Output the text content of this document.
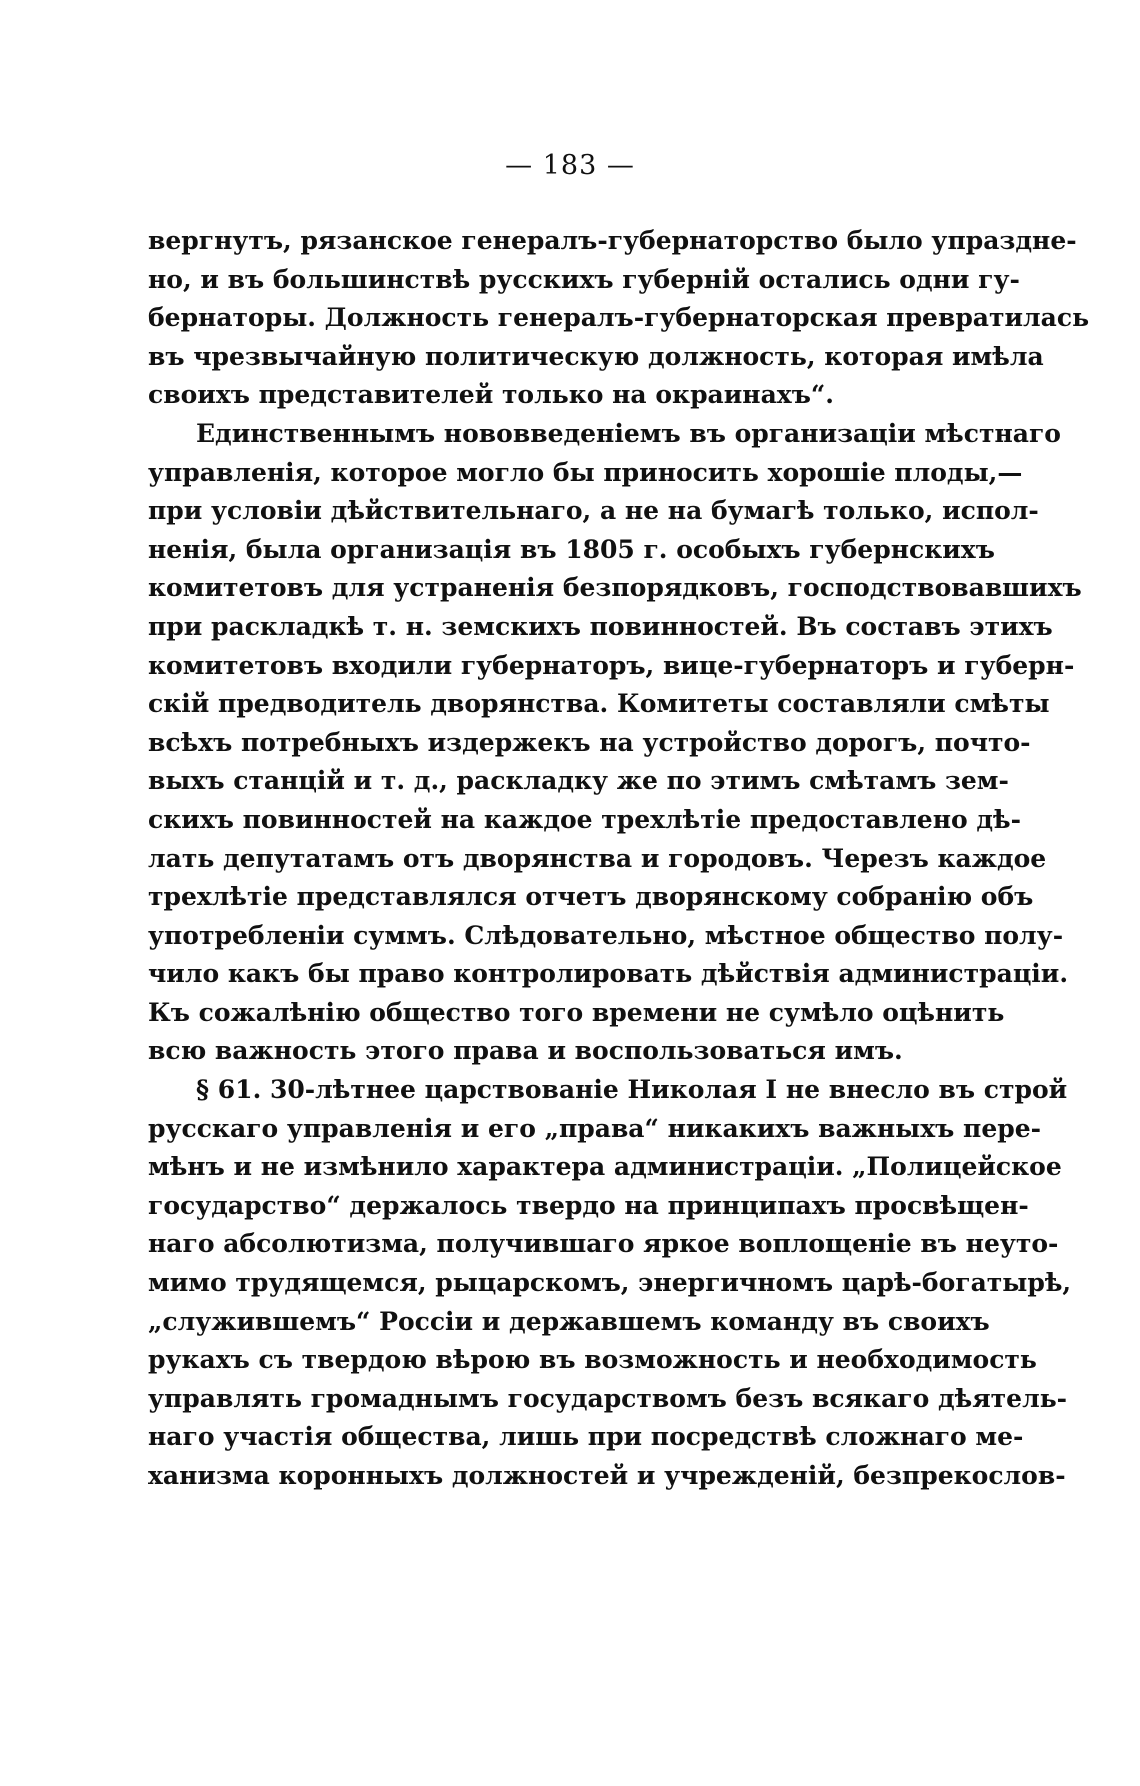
— 183 —
вергнутъ, рязанское генералъ-губернаторство было упраздне-
но, и въ большинствѣ русскихъ губерній остались одни гу-
бернаторы. Должность генералъ-губернаторская превратилась
въ чрезвычайную политическую должность, которая имѣла
своихъ представителей только на окраинахъ“.
Единственнымъ нововведеніемъ въ организаціи мѣстнаго
управленія, которое могло бы приносить хорошіе плоды,—
при условіи дѣйствительнаго, а не на бумагѣ только, испол-
ненія, была организація въ 1805 г. особыхъ губернскихъ
комитетовъ для устраненія безпорядковъ, господствовавшихъ
при раскладкѣ т. н. земскихъ повинностей. Въ составъ этихъ
комитетовъ входили губернаторъ, вице-губернаторъ и губерн-
скій предводитель дворянства. Комитеты составляли смѣты
всѣхъ потребныхъ издержекъ на устройство дорогъ, почто-
выхъ станцій и т. д., раскладку же по этимъ смѣтамъ зем-
скихъ повинностей на каждое трехлѣтіе предоставлено дѣ-
лать депутатамъ отъ дворянства и городовъ. Черезъ каждое
трехлѣтіе представлялся отчетъ дворянскому собранію объ
употребленіи суммъ. Слѣдовательно, мѣстное общество полу-
чило какъ бы право контролировать дѣйствія администраціи.
Къ сожалѣнію общество того времени не сумѣло оцѣнить
всю важность этого права и воспользоваться имъ.
§ 61. 30-лѣтнее царствованіе Николая I не внесло въ строй
русскаго управленія и его „права“ никакихъ важныхъ пере-
мѣнъ и не измѣнило характера администраціи. „Полицейское
государство“ держалось твердо на принципахъ просвѣщен-
наго абсолютизма, получившаго яркое воплощеніе въ неуто-
мимо трудящемся, рыцарскомъ, энергичномъ царѣ-богатырѣ,
„служившемъ“ Россіи и державшемъ команду въ своихъ
рукахъ съ твердою вѣрою въ возможность и необходимость
управлять громаднымъ государствомъ безъ всякаго дѣятель-
наго участія общества, лишь при посредствѣ сложнаго ме-
ханизма коронныхъ должностей и учрежденій, безпрекослов-
